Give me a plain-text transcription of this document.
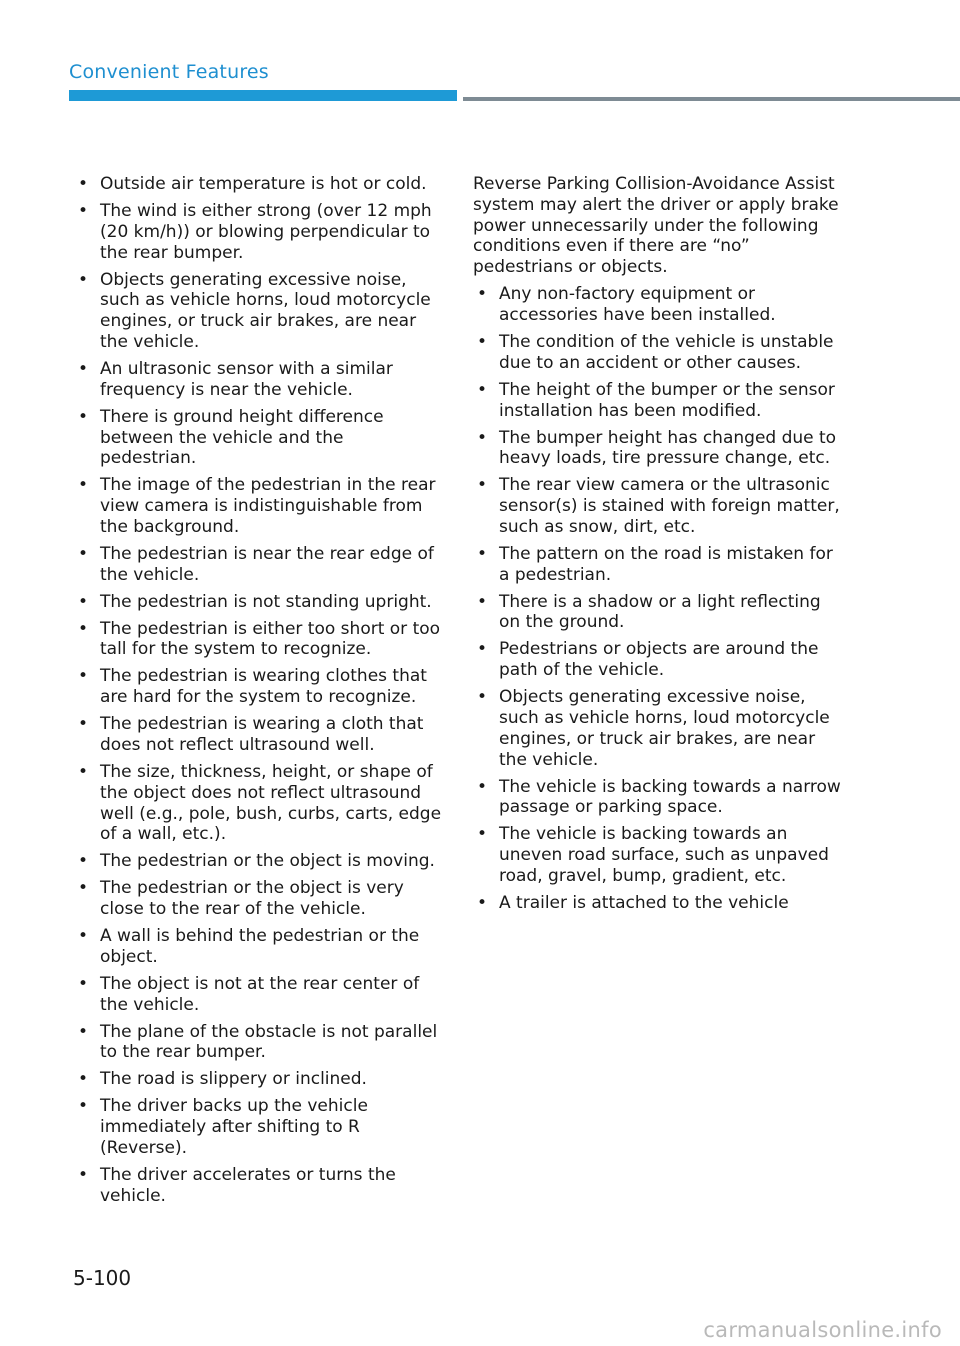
Convenient Features
• Outside air temperature is hot or cold.
• The wind is either strong (over 12 mph (20 km/h)) or blowing perpendicular to the rear bumper.
• Objects generating excessive noise, such as vehicle horns, loud motorcycle engines, or truck air brakes, are near the vehicle.
• An ultrasonic sensor with a similar frequency is near the vehicle.
• There is ground height difference between the vehicle and the pedestrian.
• The image of the pedestrian in the rear view camera is indistinguishable from the background.
• The pedestrian is near the rear edge of the vehicle.
• The pedestrian is not standing upright.
• The pedestrian is either too short or too tall for the system to recognize.
• The pedestrian is wearing clothes that are hard for the system to recognize.
• The pedestrian is wearing a cloth that does not reflect ultrasound well.
• The size, thickness, height, or shape of the object does not reflect ultrasound well (e.g., pole, bush, curbs, carts, edge of a wall, etc.).
• The pedestrian or the object is moving.
• The pedestrian or the object is very close to the rear of the vehicle.
• A wall is behind the pedestrian or the object.
• The object is not at the rear center of the vehicle.
• The plane of the obstacle is not parallel to the rear bumper.
• The road is slippery or inclined.
• The driver backs up the vehicle immediately after shifting to R (Reverse).
• The driver accelerates or turns the vehicle.

Reverse Parking Collision-Avoidance Assist system may alert the driver or apply brake power unnecessarily under the following conditions even if there are “no” pedestrians or objects.

• Any non-factory equipment or accessories have been installed.
• The condition of the vehicle is unstable due to an accident or other causes.
• The height of the bumper or the sensor installation has been modified.
• The bumper height has changed due to heavy loads, tire pressure change, etc.
• The rear view camera or the ultrasonic sensor(s) is stained with foreign matter, such as snow, dirt, etc.
• The pattern on the road is mistaken for a pedestrian.
• There is a shadow or a light reflecting on the ground.
• Pedestrians or objects are around the path of the vehicle.
• Objects generating excessive noise, such as vehicle horns, loud motorcycle engines, or truck air brakes, are near the vehicle.
• The vehicle is backing towards a narrow passage or parking space.
• The vehicle is backing towards an uneven road surface, such as unpaved road, gravel, bump, gradient, etc.
• A trailer is attached to the vehicle
5-100
carmanualsonline.info
